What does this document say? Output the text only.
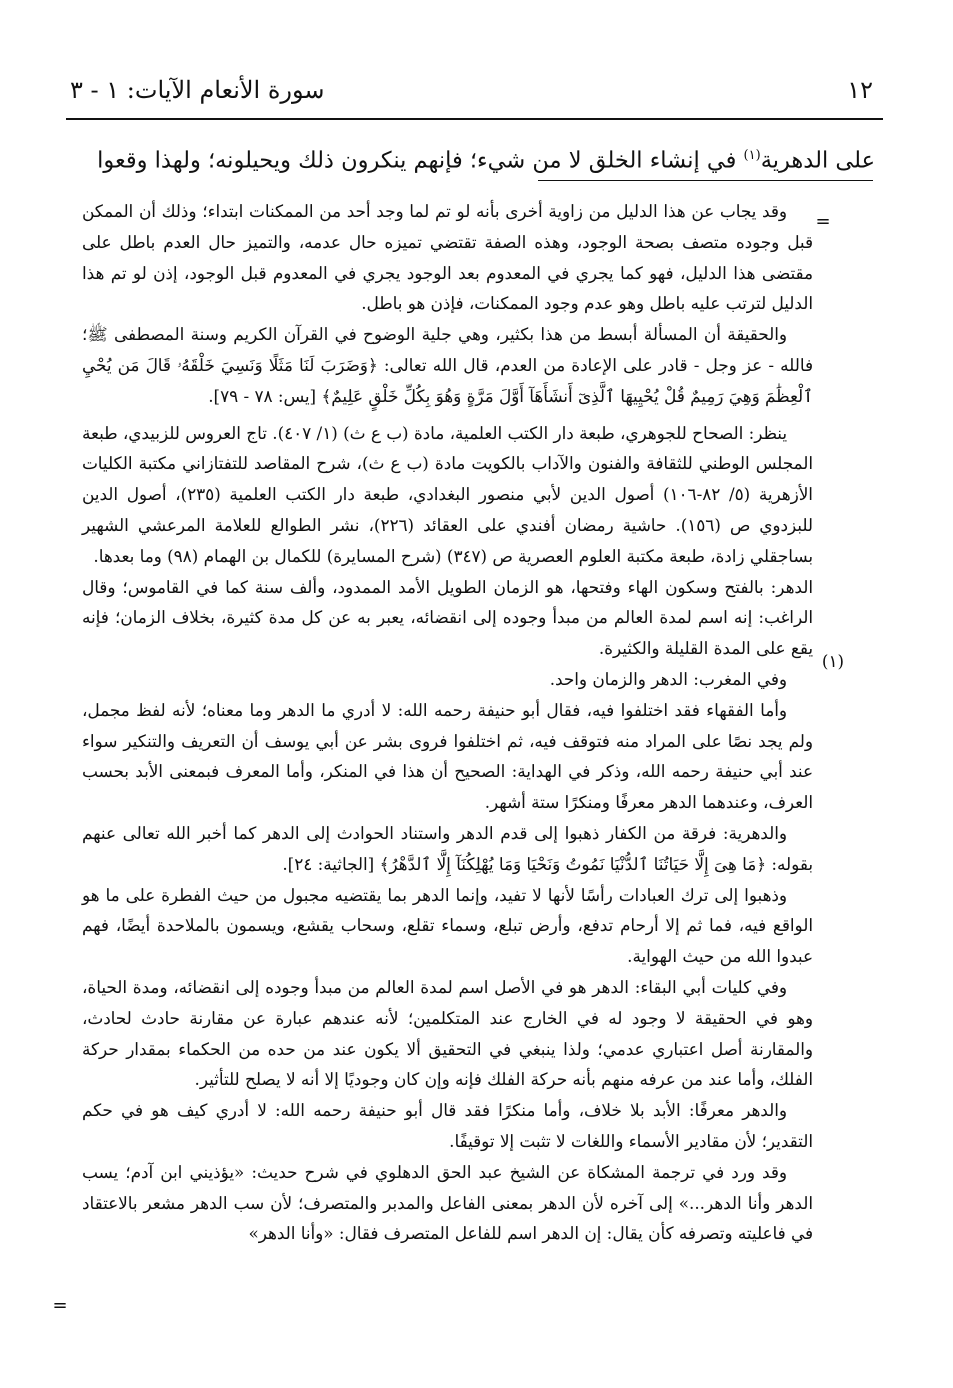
١٢
سورة الأنعام الآيات: ١ - ٣
على الدهرية$^{(١)}$ في إنشاء الخلق لا من شيء؛ فإنهم ينكرون ذلك ويحيلونه؛ ولهذا وقعوا
=
(١)
=

وقد يجاب عن هذا الدليل من زاوية أخرى بأنه لو تم لما وجد أحد من الممكنات ابتداء؛ وذلك أن الممكن قبل وجوده متصف بصحة الوجود، وهذه الصفة تقتضي تميزه حال عدمه، والتميز حال العدم باطل على مقتضى هذا الدليل، فهو كما يجري في المعدوم بعد الوجود يجري في المعدوم قبل الوجود، إذن لو تم هذا الدليل لترتب عليه باطل وهو عدم وجود الممكنات، فإذن هو باطل.

والحقيقة أن المسألة أبسط من هذا بكثير، وهي جلية الوضوح في القرآن الكريم وسنة المصطفى ﷺ؛ فالله - عز وجل - قادر على الإعادة من العدم، قال الله تعالى: ﴿وَضَرَبَ لَنَا مَثَلًا وَنَسِيَ خَلْقَهُۥ قَالَ مَن يُحْيِ ٱلْعِظَٰمَ وَهِيَ رَمِيمٌ قُلْ يُحْيِيهَا ٱلَّذِىٓ أَنشَأَهَآ أَوَّلَ مَرَّةٍ وَهُوَ بِكُلِّ خَلْقٍ عَلِيمٌ﴾ [يس: ٧٨ - ٧٩].

ينظر: الصحاح للجوهري، طبعة دار الكتب العلمية، مادة (ب ع ث) (١/ ٤٠٧). تاج العروس للزبيدي، طبعة المجلس الوطني للثقافة والفنون والآداب بالكويت مادة (ب ع ث)، شرح المقاصد للتفتازاني مكتبة الكليات الأزهرية (٥/ ٨٢-١٠٦) أصول الدين لأبي منصور البغدادي، طبعة دار الكتب العلمية (٢٣٥)، أصول الدين للبزدوي ص (١٥٦). حاشية رمضان أفندي على العقائد (٢٢٦)، نشر الطوالع للعلامة المرعشي الشهير بساجقلي زادة، طبعة مكتبة العلوم العصرية ص (٣٤٧) (شرح المسايرة) للكمال بن الهمام (٩٨) وما بعدها.

الدهر: بالفتح وسكون الهاء وفتحها، هو الزمان الطويل الأمد الممدود، وألف سنة كما في القاموس؛ وقال الراغب: إنه اسم لمدة العالم من مبدأ وجوده إلى انقضائه، يعبر به عن كل مدة كثيرة، بخلاف الزمان؛ فإنه يقع على المدة القليلة والكثيرة.

وفي المغرب: الدهر والزمان واحد.

وأما الفقهاء فقد اختلفوا فيه، فقال أبو حنيفة رحمه الله: لا أدري ما الدهر وما معناه؛ لأنه لفظ مجمل، ولم يجد نصًا على المراد منه فتوقف فيه، ثم اختلفوا فروى بشر عن أبي يوسف أن التعريف والتنكير سواء عند أبي حنيفة رحمه الله، وذكر في الهداية: الصحيح أن هذا في المنكر، وأما المعرف فبمعنى الأبد بحسب العرف، وعندهما الدهر معرفًا ومنكرًا ستة أشهر.

والدهرية: فرقة من الكفار ذهبوا إلى قدم الدهر واستناد الحوادث إلى الدهر كما أخبر الله تعالى عنهم بقوله: ﴿مَا هِىَ إِلَّا حَيَاتُنَا ٱلدُّنْيَا نَمُوتُ وَنَحْيَا وَمَا يُهْلِكُنَآ إِلَّا ٱلدَّهْرُ﴾ [الجاثية: ٢٤].

وذهبوا إلى ترك العبادات رأسًا لأنها لا تفيد، وإنما الدهر بما يقتضيه مجبول من حيث الفطرة على ما هو الواقع فيه، فما ثم إلا أرحام تدفع، وأرض تبلع، وسماء تقلع، وسحاب يقشع، ويسمون بالملاحدة أيضًا، فهم عبدوا الله من حيث الهواية.

وفي كليات أبي البقاء: الدهر هو في الأصل اسم لمدة العالم من مبدأ وجوده إلى انقضائه، ومدة الحياة، وهو في الحقيقة لا وجود له في الخارج عند المتكلمين؛ لأنه عندهم عبارة عن مقارنة حادث لحادث، والمقارنة أصل اعتباري عدمي؛ ولذا ينبغي في التحقيق ألا يكون عند من حده من الحكماء بمقدار حركة الفلك، وأما عند من عرفه منهم بأنه حركة الفلك فإنه وإن كان وجوديًا إلا أنه لا يصلح للتأثير.

والدهر معرفًا: الأبد بلا خلاف، وأما منكرًا فقد قال أبو حنيفة رحمه الله: لا أدري كيف هو في حكم التقدير؛ لأن مقادير الأسماء واللغات لا تثبت إلا توقيفًا.

وقد ورد في ترجمة المشكاة عن الشيخ عبد الحق الدهلوي في شرح حديث: «يؤذيني ابن آدم؛ يسب الدهر وأنا الدهر...» إلى آخره لأن الدهر بمعنى الفاعل والمدبر والمتصرف؛ لأن سب الدهر مشعر بالاعتقاد في فاعليته وتصرفه كأن يقال: إن الدهر اسم للفاعل المتصرف فقال: «وأنا الدهر»
